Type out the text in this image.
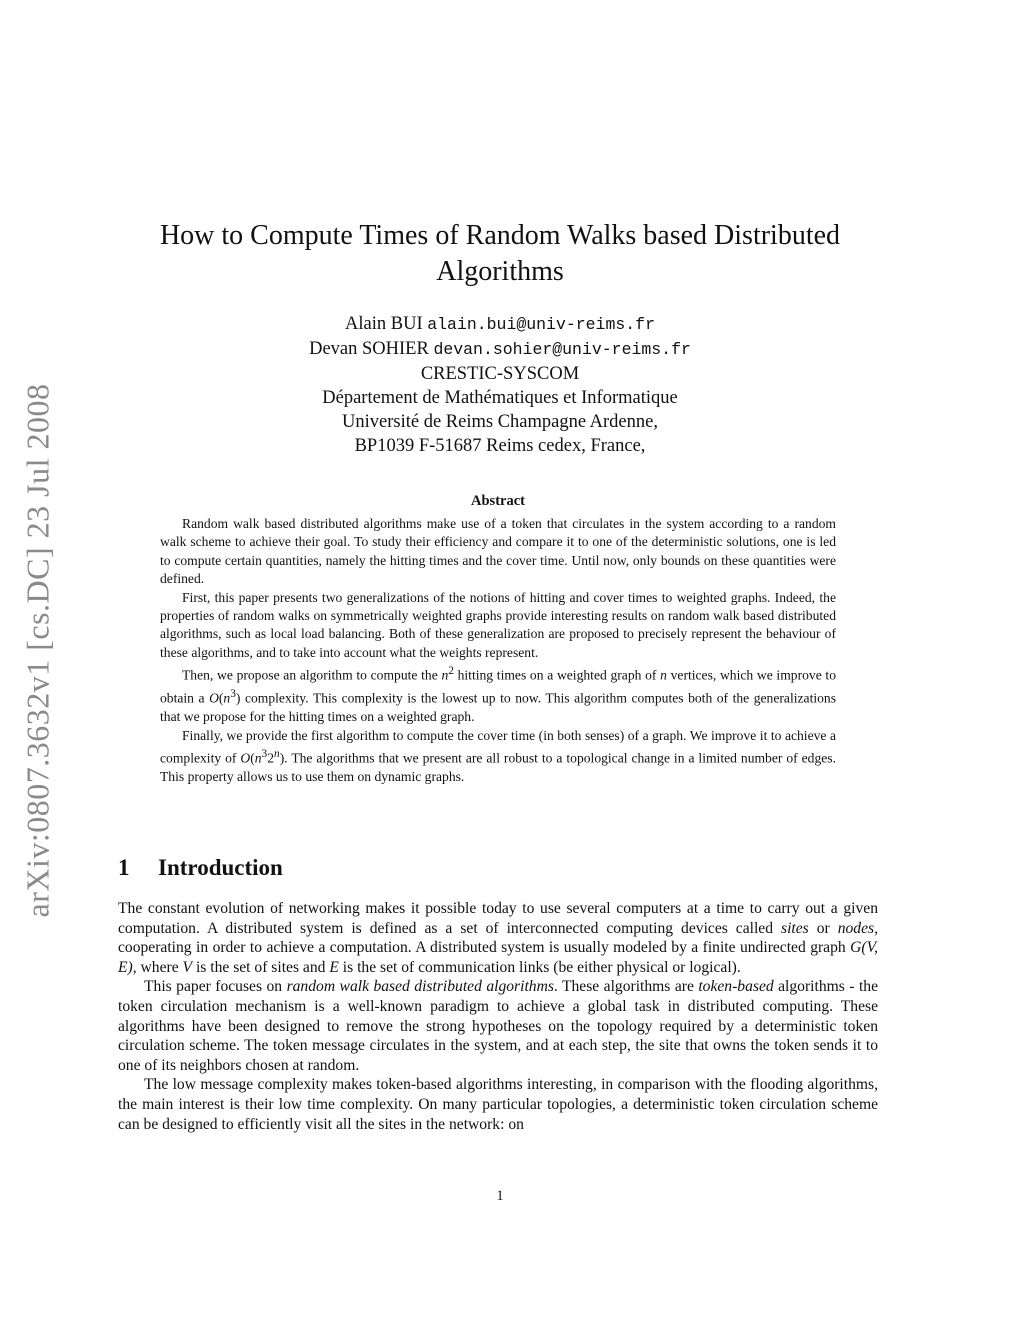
arXiv:0807.3632v1 [cs.DC] 23 Jul 2008
How to Compute Times of Random Walks based Distributed
Algorithms
Alain BUI alain.bui@univ-reims.fr
Devan SOHIER devan.sohier@univ-reims.fr
CRESTIC-SYSCOM
Département de Mathématiques et Informatique
Université de Reims Champagne Ardenne,
BP1039 F-51687 Reims cedex, France,
Abstract

Random walk based distributed algorithms make use of a token that circulates in the system according to a random walk scheme to achieve their goal. To study their efficiency and compare it to one of the deterministic solutions, one is led to compute certain quantities, namely the hitting times and the cover time. Until now, only bounds on these quantities were defined.

First, this paper presents two generalizations of the notions of hitting and cover times to weighted graphs. Indeed, the properties of random walks on symmetrically weighted graphs provide interesting results on random walk based distributed algorithms, such as local load balancing. Both of these generalization are proposed to precisely represent the behaviour of these algorithms, and to take into account what the weights represent.

Then, we propose an algorithm to compute the $n^2$ hitting times on a weighted graph of n vertices, which we improve to obtain a $O(n^3)$ complexity. This complexity is the lowest up to now. This algorithm computes both of the generalizations that we propose for the hitting times on a weighted graph.

Finally, we provide the first algorithm to compute the cover time (in both senses) of a graph. We improve it to achieve a complexity of $O(n^32^n)$. The algorithms that we present are all robust to a topological change in a limited number of edges. This property allows us to use them on dynamic graphs.

1 Introduction

The constant evolution of networking makes it possible today to use several computers at a time to carry out a given computation. A distributed system is defined as a set of interconnected computing devices called sites or nodes, cooperating in order to achieve a computation. A distributed system is usually modeled by a finite undirected graph G(V, E), where V is the set of sites and E is the set of communication links (be either physical or logical).

This paper focuses on random walk based distributed algorithms. These algorithms are token-based algorithms - the token circulation mechanism is a well-known paradigm to achieve a global task in distributed computing. These algorithms have been designed to remove the strong hypotheses on the topology required by a deterministic token circulation scheme. The token message circulates in the system, and at each step, the site that owns the token sends it to one of its neighbors chosen at random.

The low message complexity makes token-based algorithms interesting, in comparison with the flooding algorithms, the main interest is their low time complexity. On many particular topologies, a deterministic token circulation scheme can be designed to efficiently visit all the sites in the network: on

1
